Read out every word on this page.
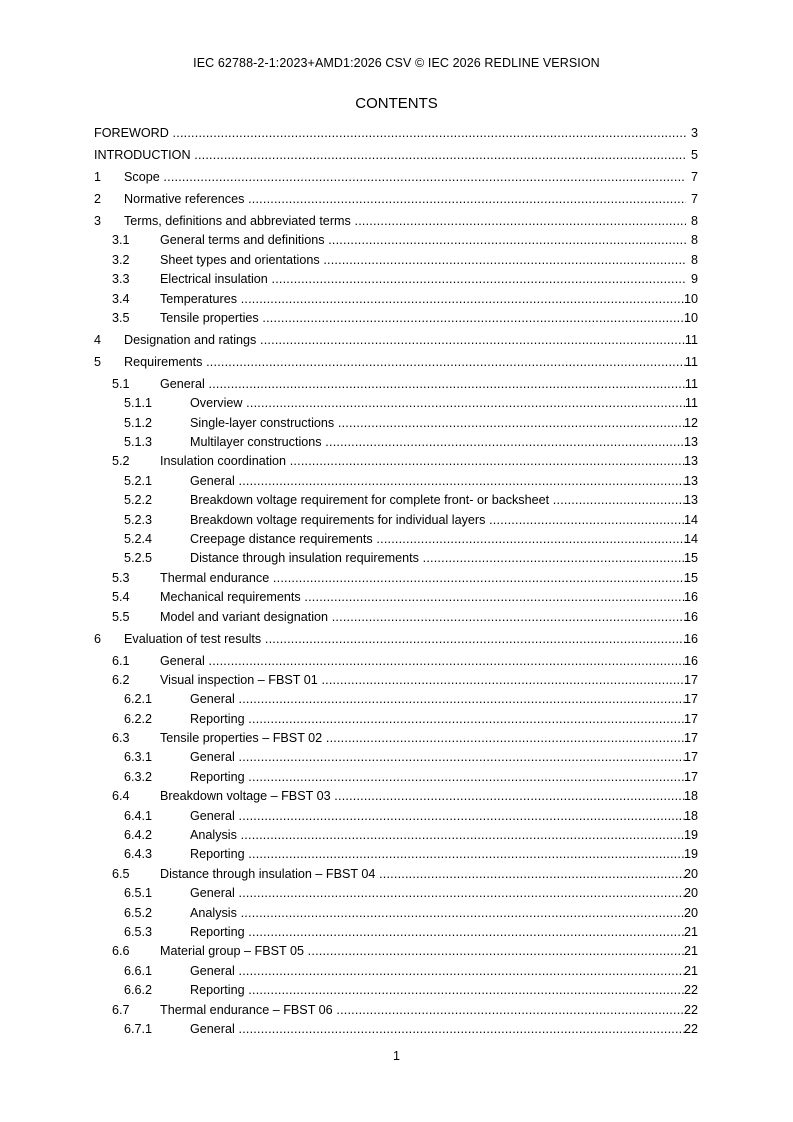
IEC 62788-2-1:2023+AMD1:2026 CSV © IEC 2026 REDLINE VERSION
CONTENTS
FOREWORD .....	3
INTRODUCTION .....	5
1 Scope .....	7
2 Normative references .....	7
3 Terms, definitions and abbreviated terms .....	8
3.1 General terms and definitions .....	8
3.2 Sheet types and orientations .....	8
3.3 Electrical insulation .....	9
3.4 Temperatures .....	10
3.5 Tensile properties .....	10
4 Designation and ratings .....	11
5 Requirements .....	11
5.1 General .....	11
5.1.1	Overview .....	11
5.1.2	Single-layer constructions .....	12
5.1.3	Multilayer constructions .....	13
5.2 Insulation coordination .....	13
5.2.1	General .....	13
5.2.2	Breakdown voltage requirement for complete front- or backsheet .....	13
5.2.3	Breakdown voltage requirements for individual layers .....	14
5.2.4	Creepage distance requirements .....	14
5.2.5	Distance through insulation requirements .....	15
5.3 Thermal endurance .....	15
5.4 Mechanical requirements .....	16
5.5 Model and variant designation .....	16
6 Evaluation of test results .....	16
6.1 General .....	16
6.2 Visual inspection – FBST 01 .....	17
6.2.1	General .....	17
6.2.2	Reporting .....	17
6.3 Tensile properties – FBST 02 .....	17
6.3.1	General .....	17
6.3.2	Reporting .....	17
6.4 Breakdown voltage – FBST 03 .....	18
6.4.1	General .....	18
6.4.2	Analysis .....	19
6.4.3	Reporting .....	19
6.5 Distance through insulation – FBST 04 .....	20
6.5.1	General .....	20
6.5.2	Analysis .....	20
6.5.3	Reporting .....	21
6.6 Material group – FBST 05 .....	21
6.6.1	General .....	21
6.6.2	Reporting .....	22
6.7 Thermal endurance – FBST 06 .....	22
6.7.1	General .....	22
1
